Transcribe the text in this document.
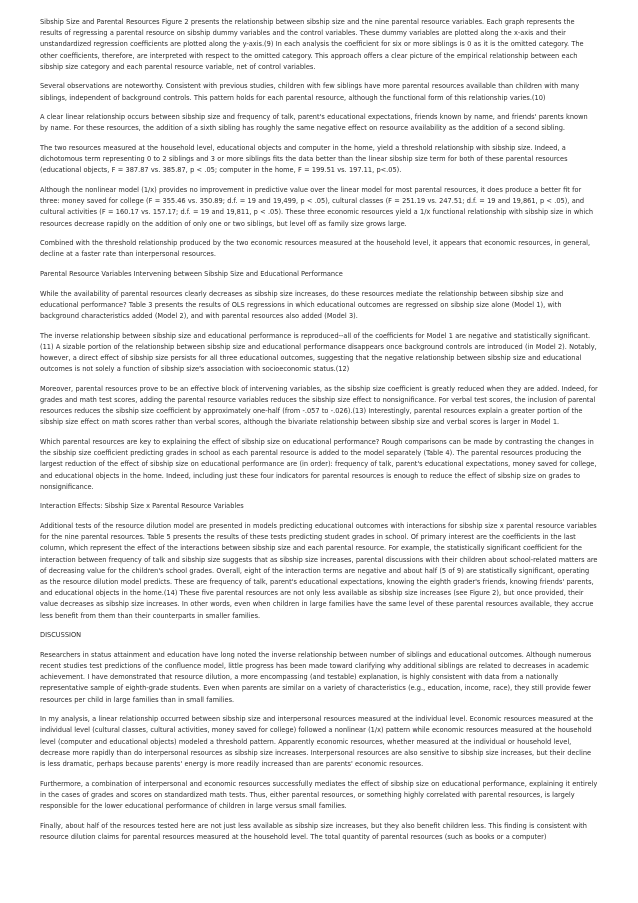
Sibship Size and Parental Resources Figure 2 presents the relationship between sibship size and the nine parental resource variables. Each graph represents the results of regressing a parental resource on sibship dummy variables and the control variables. These dummy variables are plotted along the x-axis and their unstandardized regression coefficients are plotted along the y-axis.(9) In each analysis the coefficient for six or more siblings is 0 as it is the omitted category. The other coefficients, therefore, are interpreted with respect to the omitted category. This approach offers a clear picture of the empirical relationship between each sibship size category and each parental resource variable, net of control variables.

Several observations are noteworthy. Consistent with previous studies, children with few siblings have more parental resources available than children with many siblings, independent of background controls. This pattern holds for each parental resource, although the functional form of this relationship varies.(10)

A clear linear relationship occurs between sibship size and frequency of talk, parent's educational expectations, friends known by name, and friends' parents known by name. For these resources, the addition of a sixth sibling has roughly the same negative effect on resource availability as the addition of a second sibling.

The two resources measured at the household level, educational objects and computer in the home, yield a threshold relationship with sibship size. Indeed, a dichotomous term representing 0 to 2 siblings and 3 or more siblings fits the data better than the linear sibship size term for both of these parental resources (educational objects, F = 387.87 vs. 385.87, p < .05; computer in the home, F = 199.51 vs. 197.11, p<.05).

Although the nonlinear model (1/x) provides no improvement in predictive value over the linear model for most parental resources, it does produce a better fit for three: money saved for college (F = 355.46 vs. 350.89; d.f. = 19 and 19,499, p < .05), cultural classes (F = 251.19 vs. 247.51; d.f. = 19 and 19,861, p < .05), and cultural activities (F = 160.17 vs. 157.17; d.f. = 19 and 19,811, p < .05). These three economic resources yield a 1/x functional relationship with sibship size in which resources decrease rapidly on the addition of only one or two siblings, but level off as family size grows large.

Combined with the threshold relationship produced by the two economic resources measured at the household level, it appears that economic resources, in general, decline at a faster rate than interpersonal resources.

Parental Resource Variables Intervening between Sibship Size and Educational Performance

While the availability of parental resources clearly decreases as sibship size increases, do these resources mediate the relationship between sibship size and educational performance? Table 3 presents the results of OLS regressions in which educational outcomes are regressed on sibship size alone (Model 1), with background characteristics added (Model 2), and with parental resources also added (Model 3).

The inverse relationship between sibship size and educational performance is reproduced--all of the coefficients for Model 1 are negative and statistically significant.(11) A sizable portion of the relationship between sibship size and educational performance disappears once background controls are introduced (in Model 2). Notably, however, a direct effect of sibship size persists for all three educational outcomes, suggesting that the negative relationship between sibship size and educational outcomes is not solely a function of sibship size's association with socioeconomic status.(12)

Moreover, parental resources prove to be an effective block of intervening variables, as the sibship size coefficient is greatly reduced when they are added. Indeed, for grades and math test scores, adding the parental resource variables reduces the sibship size effect to nonsignificance. For verbal test scores, the inclusion of parental resources reduces the sibship size coefficient by approximately one-half (from -.057 to -.026).(13) Interestingly, parental resources explain a greater portion of the sibship size effect on math scores rather than verbal scores, although the bivariate relationship between sibship size and verbal scores is larger in Model 1.

Which parental resources are key to explaining the effect of sibship size on educational performance? Rough comparisons can be made by contrasting the changes in the sibship size coefficient predicting grades in school as each parental resource is added to the model separately (Table 4). The parental resources producing the largest reduction of the effect of sibship size on educational performance are (in order): frequency of talk, parent's educational expectations, money saved for college, and educational objects in the home. Indeed, including just these four indicators for parental resources is enough to reduce the effect of sibship size on grades to nonsignificance.

Interaction Effects: Sibship Size x Parental Resource Variables

Additional tests of the resource dilution model are presented in models predicting educational outcomes with interactions for sibship size x parental resource variables for the nine parental resources. Table 5 presents the results of these tests predicting student grades in school. Of primary interest are the coefficients in the last column, which represent the effect of the interactions between sibship size and each parental resource. For example, the statistically significant coefficient for the interaction between frequency of talk and sibship size suggests that as sibship size increases, parental discussions with their children about school-related matters are of decreasing value for the children's school grades. Overall, eight of the interaction terms are negative and about half (5 of 9) are statistically significant, operating as the resource dilution model predicts. These are frequency of talk, parent's educational expectations, knowing the eighth grader's friends, knowing friends' parents, and educational objects in the home.(14) These five parental resources are not only less available as sibship size increases (see Figure 2), but once provided, their value decreases as sibship size increases. In other words, even when children in large families have the same level of these parental resources available, they accrue less benefit from them than their counterparts in smaller families.

DISCUSSION

Researchers in status attainment and education have long noted the inverse relationship between number of siblings and educational outcomes. Although numerous recent studies test predictions of the confluence model, little progress has been made toward clarifying why additional siblings are related to decreases in academic achievement. I have demonstrated that resource dilution, a more encompassing (and testable) explanation, is highly consistent with data from a nationally representative sample of eighth-grade students. Even when parents are similar on a variety of characteristics (e.g., education, income, race), they still provide fewer resources per child in large families than in small families.

In my analysis, a linear relationship occurred between sibship size and interpersonal resources measured at the individual level. Economic resources measured at the individual level (cultural classes, cultural activities, money saved for college) followed a nonlinear (1/x) pattern while economic resources measured at the household level (computer and educational objects) modeled a threshold pattern. Apparently economic resources, whether measured at the individual or household level, decrease more rapidly than do interpersonal resources as sibship size increases. Interpersonal resources are also sensitive to sibship size increases, but their decline is less dramatic, perhaps because parents' energy is more readily increased than are parents' economic resources.

Furthermore, a combination of interpersonal and economic resources successfully mediates the effect of sibship size on educational performance, explaining it entirely in the cases of grades and scores on standardized math tests. Thus, either parental resources, or something highly correlated with parental resources, is largely responsible for the lower educational performance of children in large versus small families.

Finally, about half of the resources tested here are not just less available as sibship size increases, but they also benefit children less. This finding is consistent with resource dilution claims for parental resources measured at the household level. The total quantity of parental resources (such as books or a computer)
